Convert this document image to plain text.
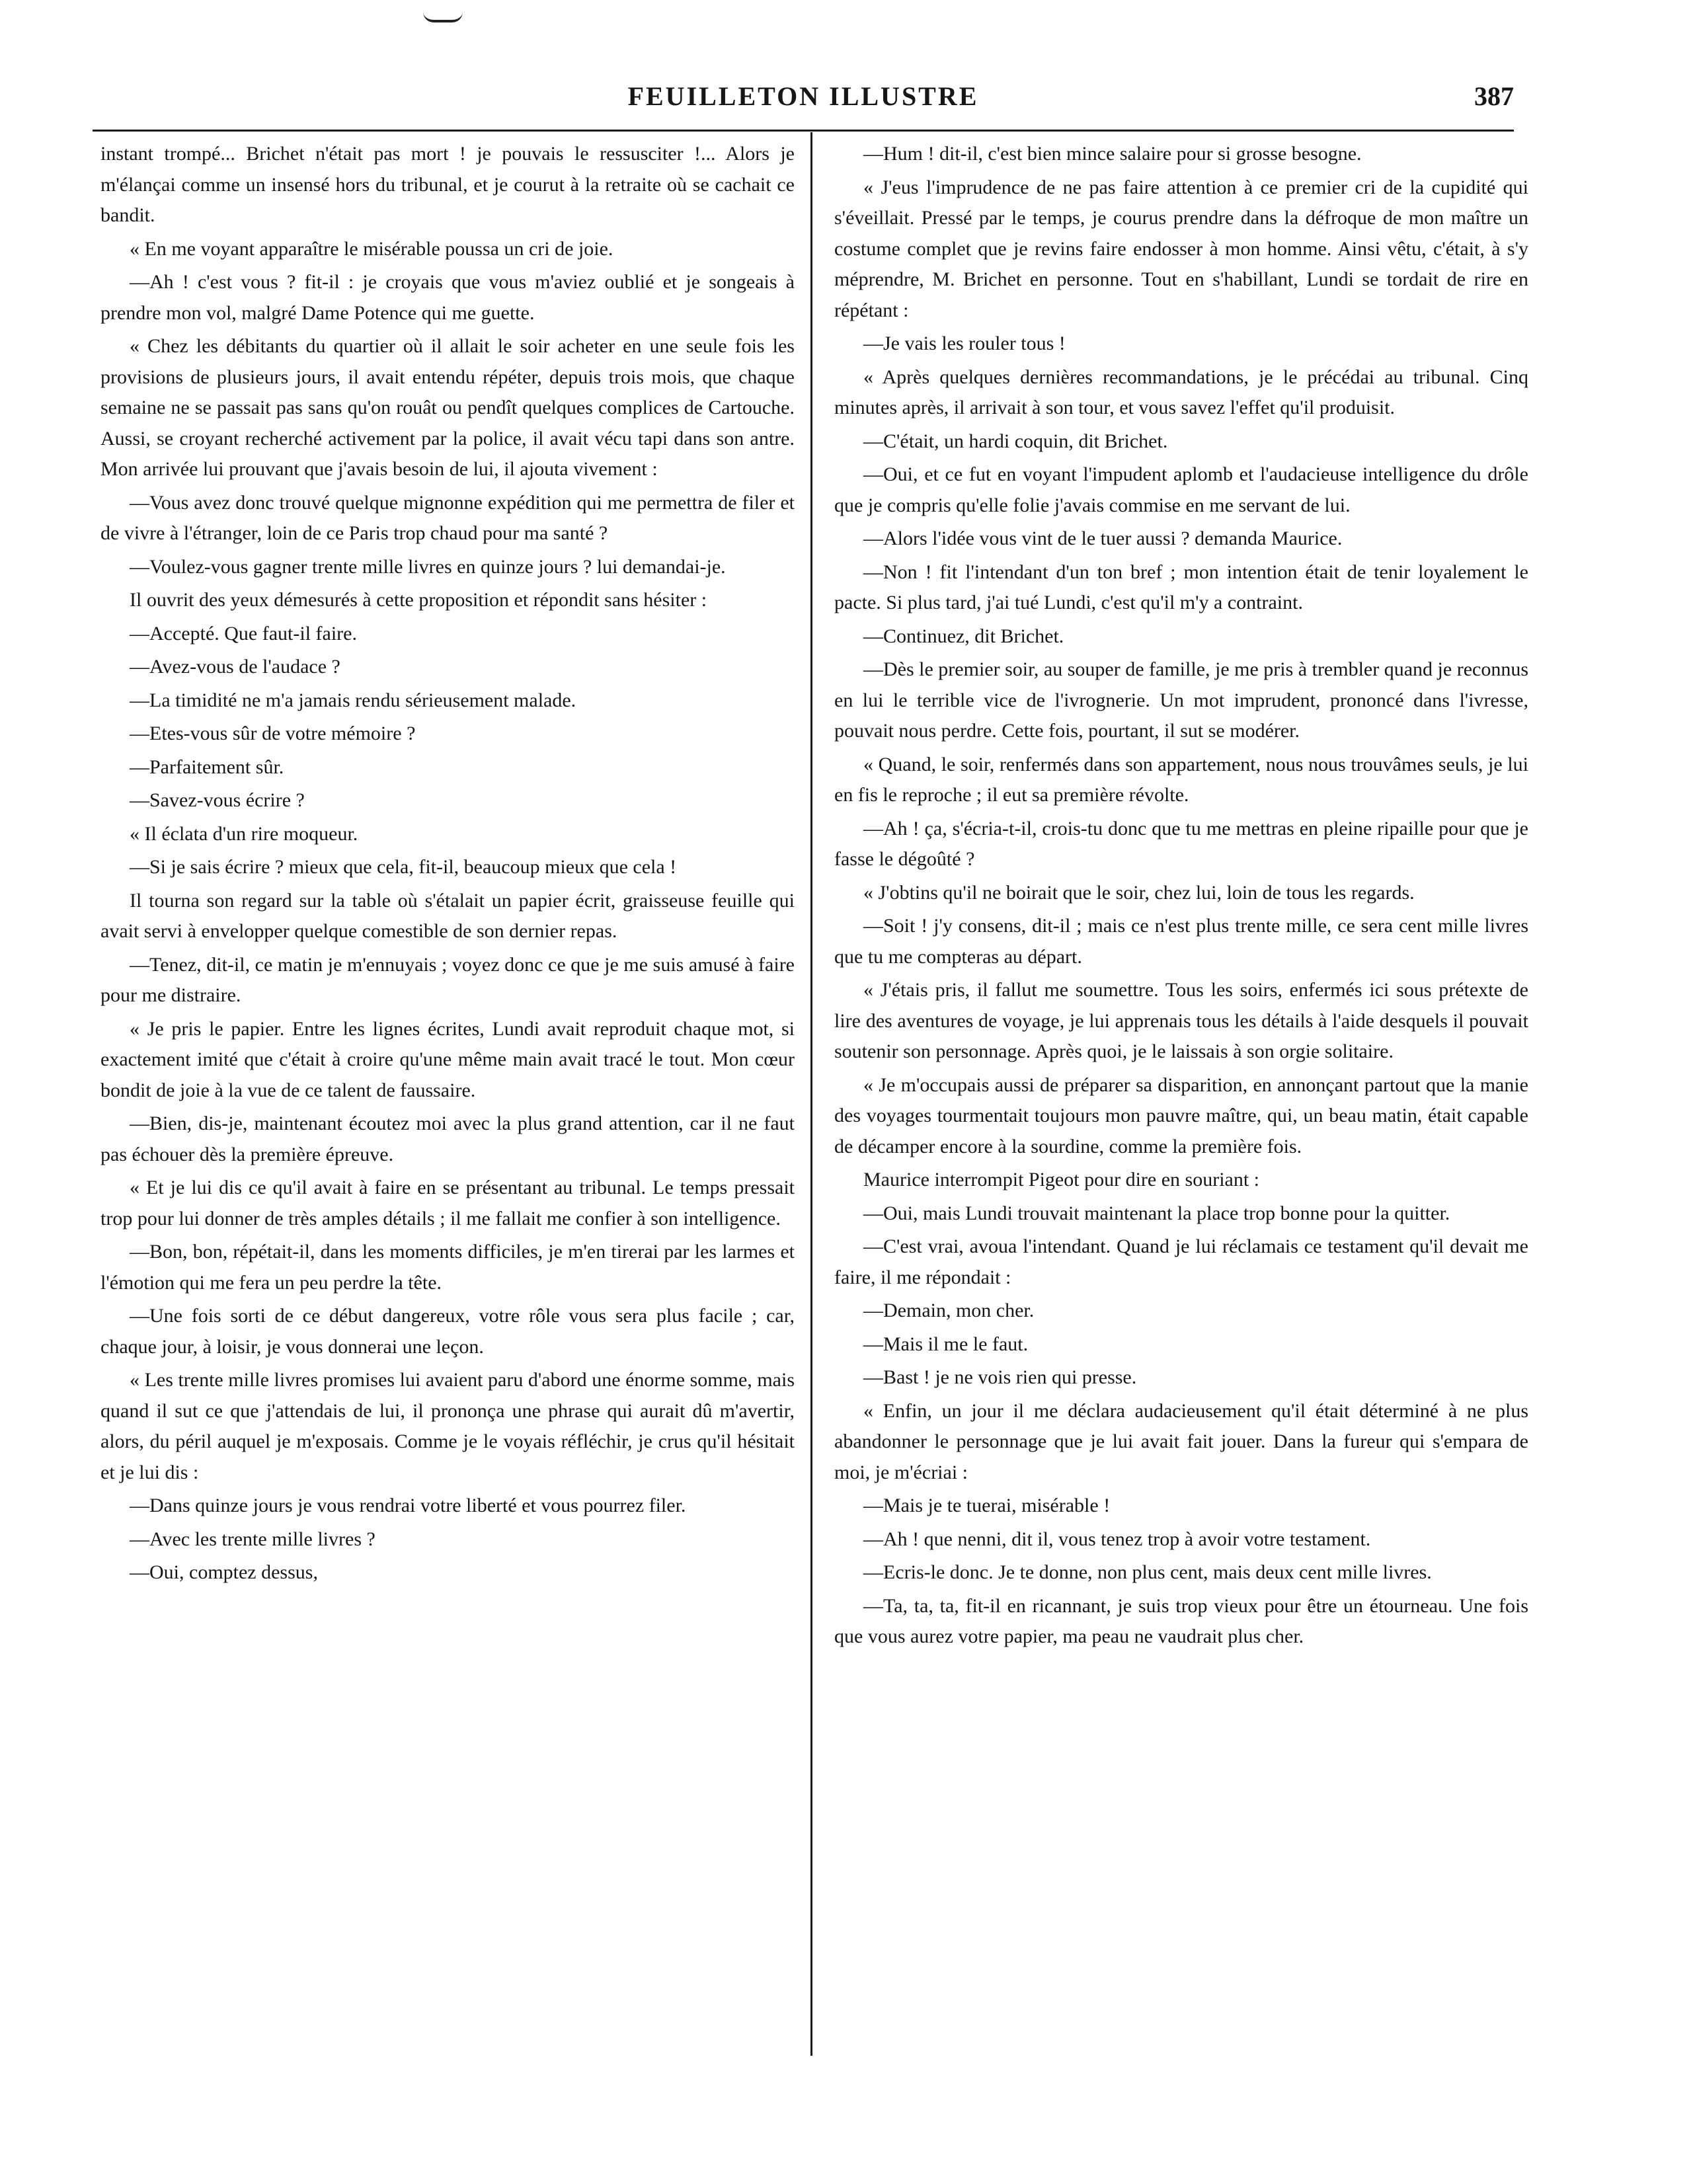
FEUILLETON ILLUSTRE	387

instant trompé... Brichet n'était pas mort ! je pouvais le ressusciter !... Alors je m'élançai comme un insensé hors du tribunal, et je courut à la retraite où se cachait ce bandit.

« En me voyant apparaître le misérable poussa un cri de joie.

—Ah ! c'est vous ? fit-il : je croyais que vous m'aviez oublié et je songeais à prendre mon vol, malgré Dame Potence qui me guette.

« Chez les débitants du quartier où il allait le soir acheter en une seule fois les provisions de plusieurs jours, il avait entendu répéter, depuis trois mois, que chaque semaine ne se passait pas sans qu'on rouât ou pendît quelques complices de Cartouche. Aussi, se croyant recherché activement par la police, il avait vécu tapi dans son antre. Mon arrivée lui prouvant que j'avais besoin de lui, il ajouta vivement :

—Vous avez donc trouvé quelque mignonne expédition qui me permettra de filer et de vivre à l'étranger, loin de ce Paris trop chaud pour ma santé ?

—Voulez-vous gagner trente mille livres en quinze jours ? lui demandai-je.

Il ouvrit des yeux démesurés à cette proposition et répondit sans hésiter :

—Accepté. Que faut-il faire.

—Avez-vous de l'audace ?

—La timidité ne m'a jamais rendu sérieusement malade.

—Etes-vous sûr de votre mémoire ?

—Parfaitement sûr.

—Savez-vous écrire ?

« Il éclata d'un rire moqueur.

—Si je sais écrire ? mieux que cela, fit-il, beaucoup mieux que cela !

Il tourna son regard sur la table où s'étalait un papier écrit, graisseuse feuille qui avait servi à envelopper quelque comestible de son dernier repas.

—Tenez, dit-il, ce matin je m'ennuyais ; voyez donc ce que je me suis amusé à faire pour me distraire.

« Je pris le papier. Entre les lignes écrites, Lundi avait reproduit chaque mot, si exactement imité que c'était à croire qu'une même main avait tracé le tout. Mon cœur bondit de joie à la vue de ce talent de faussaire.

—Bien, dis-je, maintenant écoutez moi avec la plus grand attention, car il ne faut pas échouer dès la première épreuve.

« Et je lui dis ce qu'il avait à faire en se présentant au tribunal. Le temps pressait trop pour lui donner de très amples détails ; il me fallait me confier à son intelligence.

—Bon, bon, répétait-il, dans les moments difficiles, je m'en tirerai par les larmes et l'émotion qui me fera un peu perdre la tête.

—Une fois sorti de ce début dangereux, votre rôle vous sera plus facile ; car, chaque jour, à loisir, je vous donnerai une leçon.

« Les trente mille livres promises lui avaient paru d'abord une énorme somme, mais quand il sut ce que j'attendais de lui, il prononça une phrase qui aurait dû m'avertir, alors, du péril auquel je m'exposais. Comme je le voyais réfléchir, je crus qu'il hésitait et je lui dis :

—Dans quinze jours je vous rendrai votre liberté et vous pourrez filer.

—Avec les trente mille livres ?

—Oui, comptez dessus,

—Hum ! dit-il, c'est bien mince salaire pour si grosse besogne.

« J'eus l'imprudence de ne pas faire attention à ce premier cri de la cupidité qui s'éveillait. Pressé par le temps, je courus prendre dans la défroque de mon maître un costume complet que je revins faire endosser à mon homme. Ainsi vêtu, c'était, à s'y méprendre, M. Brichet en personne. Tout en s'habillant, Lundi se tordait de rire en répétant :

—Je vais les rouler tous !

« Après quelques dernières recommandations, je le précédai au tribunal. Cinq minutes après, il arrivait à son tour, et vous savez l'effet qu'il produisit.

—C'était, un hardi coquin, dit Brichet.

—Oui, et ce fut en voyant l'impudent aplomb et l'audacieuse intelligence du drôle que je compris qu'elle folie j'avais commise en me servant de lui.

—Alors l'idée vous vint de le tuer aussi ? demanda Maurice.

—Non ! fit l'intendant d'un ton bref ; mon intention était de tenir loyalement le pacte. Si plus tard, j'ai tué Lundi, c'est qu'il m'y a contraint.

—Continuez, dit Brichet.

—Dès le premier soir, au souper de famille, je me pris à trembler quand je reconnus en lui le terrible vice de l'ivrognerie. Un mot imprudent, prononcé dans l'ivresse, pouvait nous perdre. Cette fois, pourtant, il sut se modérer.

« Quand, le soir, renfermés dans son appartement, nous nous trouvâmes seuls, je lui en fis le reproche ; il eut sa première révolte.

—Ah ! ça, s'écria-t-il, crois-tu donc que tu me mettras en pleine ripaille pour que je fasse le dégoûté ?

« J'obtins qu'il ne boirait que le soir, chez lui, loin de tous les regards.

—Soit ! j'y consens, dit-il ; mais ce n'est plus trente mille, ce sera cent mille livres que tu me compteras au départ.

« J'étais pris, il fallut me soumettre. Tous les soirs, enfermés ici sous prétexte de lire des aventures de voyage, je lui apprenais tous les détails à l'aide desquels il pouvait soutenir son personnage. Après quoi, je le laissais à son orgie solitaire.

« Je m'occupais aussi de préparer sa disparition, en annonçant partout que la manie des voyages tourmentait toujours mon pauvre maître, qui, un beau matin, était capable de décamper encore à la sourdine, comme la première fois.

Maurice interrompit Pigeot pour dire en souriant :

—Oui, mais Lundi trouvait maintenant la place trop bonne pour la quitter.

—C'est vrai, avoua l'intendant. Quand je lui réclamais ce testament qu'il devait me faire, il me répondait :

—Demain, mon cher.

—Mais il me le faut.

—Bast ! je ne vois rien qui presse.

« Enfin, un jour il me déclara audacieusement qu'il était déterminé à ne plus abandonner le personnage que je lui avait fait jouer. Dans la fureur qui s'empara de moi, je m'écriai :

—Mais je te tuerai, misérable !

—Ah ! que nenni, dit il, vous tenez trop à avoir votre testament.

—Ecris-le donc. Je te donne, non plus cent, mais deux cent mille livres.

—Ta, ta, ta, fit-il en ricannant, je suis trop vieux pour être un étourneau. Une fois que vous aurez votre papier, ma peau ne vaudrait plus cher.
